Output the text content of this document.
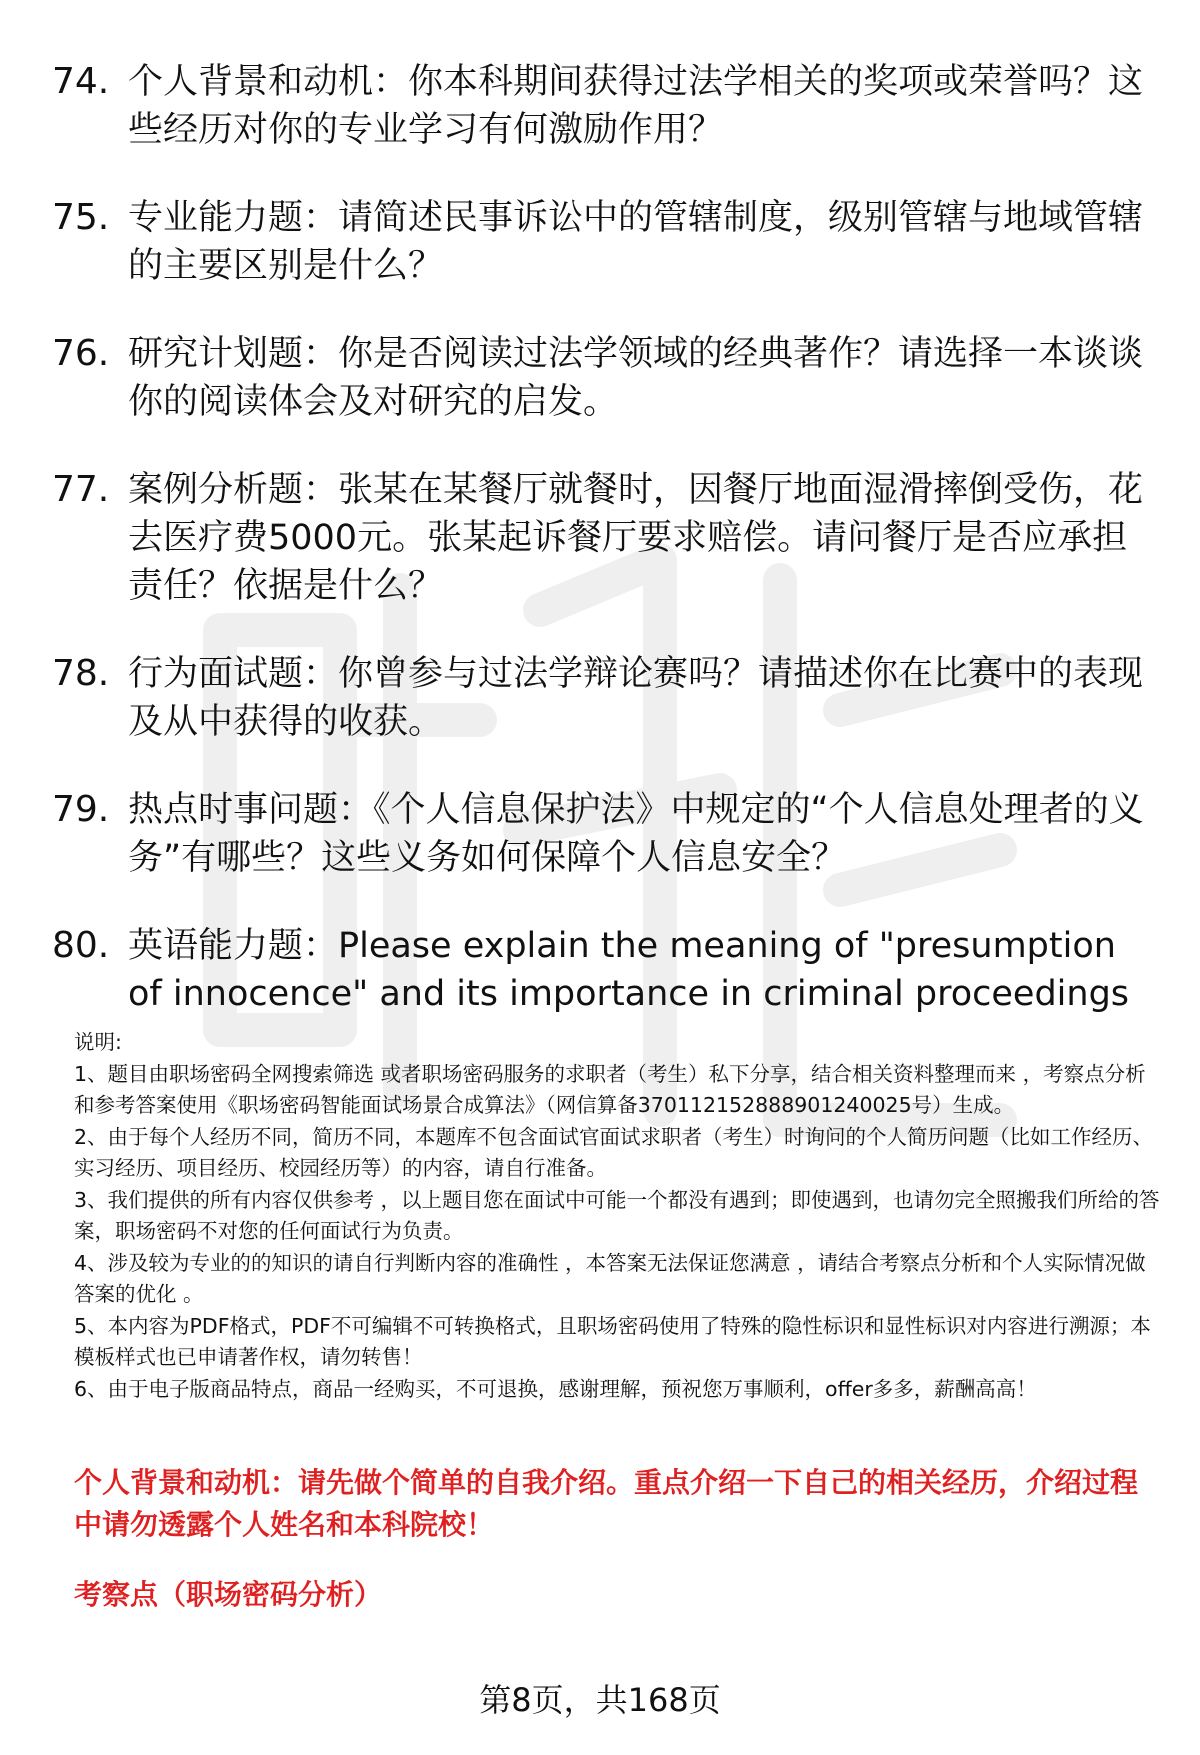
74. 个人背景和动机：你本科期间获得过法学相关的奖项或荣誉吗？这些经历对你的专业学习有何激励作用？
75. 专业能力题：请简述民事诉讼中的管辖制度，级别管辖与地域管辖的主要区别是什么？
76. 研究计划题：你是否阅读过法学领域的经典著作？请选择一本谈谈你的阅读体会及对研究的启发。
77. 案例分析题：张某在某餐厅就餐时，因餐厅地面湿滑摔倒受伤，花去医疗费5000元。张某起诉餐厅要求赔偿。请问餐厅是否应承担责任？依据是什么？
78. 行为面试题：你曾参与过法学辩论赛吗？请描述你在比赛中的表现及从中获得的收获。
79. 热点时事问题：《个人信息保护法》中规定的“个人信息处理者的义务”有哪些？这些义务如何保障个人信息安全？
80. 英语能力题：Please explain the meaning of "presumption of innocence" and its importance in criminal proceedings

说明:

1、题目由职场密码全网搜索筛选 或者职场密码服务的求职者（考生）私下分享，结合相关资料整理而来 ，考察点分析和参考答案使用《职场密码智能面试场景合成算法》（网信算备370112152888901240025号）生成。

2、由于每个人经历不同，简历不同，本题库不包含面试官面试求职者（考生）时询问的个人简历问题（比如工作经历、实习经历、项目经历、校园经历等）的内容，请自行准备。

3、我们提供的所有内容仅供参考 ，以上题目您在面试中可能一个都没有遇到；即使遇到，也请勿完全照搬我们所给的答案，职场密码不对您的任何面试行为负责。

4、涉及较为专业的的知识的请自行判断内容的准确性 ，本答案无法保证您满意 ，请结合考察点分析和个人实际情况做答案的优化 。

5、本内容为PDF格式，PDF不可编辑不可转换格式，且职场密码使用了特殊的隐性标识和显性标识对内容进行溯源；本模板样式也已申请著作权，请勿转售！

6、由于电子版商品特点，商品一经购买，不可退换，感谢理解，预祝您万事顺利，offer多多，薪酬高高！

个人背景和动机：请先做个简单的自我介绍。重点介绍一下自己的相关经历，介绍过程中请勿透露个人姓名和本科院校！
考察点（职场密码分析）
第8页，共168页
